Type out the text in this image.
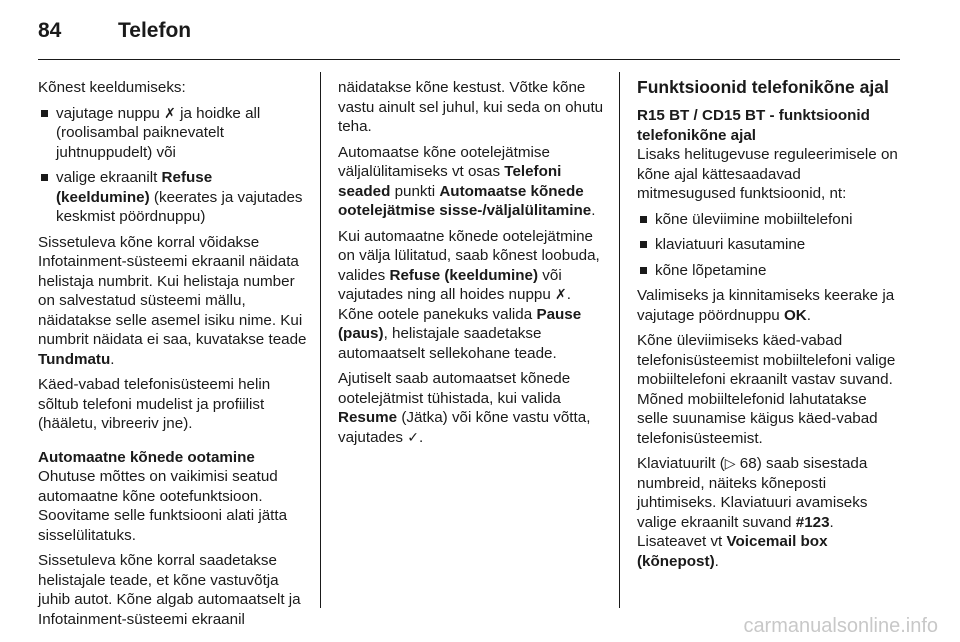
84	Telefon

Kõnest keeldumiseks:

vajutage nuppu ✗ ja hoidke all (roolisambal paiknevatelt juhtnuppudelt) või
valige ekraanilt Refuse (keeldumine) (keerates ja vajutades keskmist pöördnuppu)

Sissetuleva kõne korral võidakse Infotainment-süsteemi ekraanil näidata helistaja numbrit. Kui helistaja number on salvestatud süsteemi mällu, näidatakse selle asemel isiku nime. Kui numbrit näidata ei saa, kuvatakse teade Tundmatu.

Käed-vabad telefonisüsteemi helin sõltub telefoni mudelist ja profiilist (hääletu, vibreeriv jne).

Automaatne kõnede ootamine

Ohutuse mõttes on vaikimisi seatud automaatne kõne ootefunktsioon. Soovitame selle funktsiooni alati jätta sisselülitatuks.

Sissetuleva kõne korral saadetakse helistajale teade, et kõne vastuvõtja juhib autot. Kõne algab automaatselt ja Infotainment-süsteemi ekraanil

näidatakse kõne kestust. Võtke kõne vastu ainult sel juhul, kui seda on ohutu teha.

Automaatse kõne ootelejätmise väljalülitamiseks vt osas Telefoni seaded punkti Automaatse kõnede ootelejätmise sisse-/väljalülitamine.

Kui automaatne kõnede ootelejätmine on välja lülitatud, saab kõnest loobuda, valides Refuse (keeldumine) või vajutades ning all hoides nuppu ✗. Kõne ootele panekuks valida Pause (paus), helistajale saadetakse automaatselt sellekohane teade.

Ajutiselt saab automaatset kõnede ootelejätmist tühistada, kui valida Resume (Jätka) või kõne vastu võtta, vajutades ✓.

Funktsioonid telefonikõne ajal
R15 BT / CD15 BT - funktsioonid telefonikõne ajal

Lisaks helitugevuse reguleerimisele on kõne ajal kättesaadavad mitmesugused funktsioonid, nt:

kõne üleviimine mobiiltelefoni
klaviatuuri kasutamine
kõne lõpetamine

Valimiseks ja kinnitamiseks keerake ja vajutage pöördnuppu OK.

Kõne üleviimiseks käed-vabad telefonisüsteemist mobiiltelefoni valige mobiiltelefoni ekraanilt vastav suvand. Mõned mobiiltelefonid lahutatakse selle suunamise käigus käed-vabad telefonisüsteemist.

Klaviatuurilt (▷ 68) saab sisestada numbreid, näiteks kõneposti juhtimiseks. Klaviatuuri avamiseks valige ekraanilt suvand #123.
Lisateavet vt Voicemail box (kõnepost).

carmanualsonline.info
